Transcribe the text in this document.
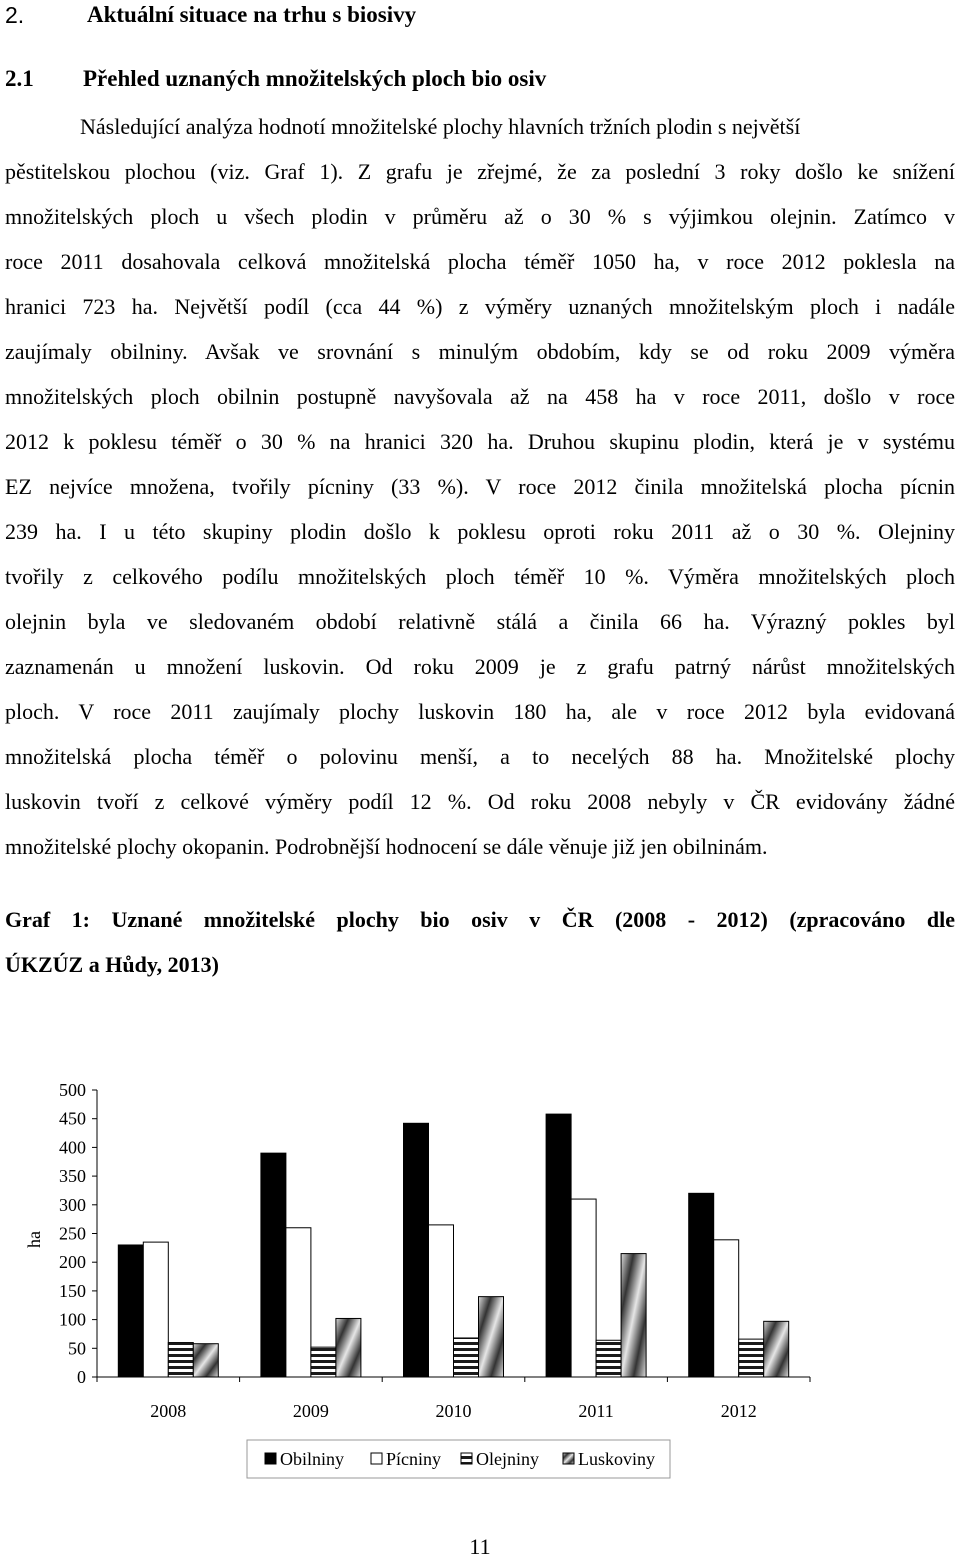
2.	Aktuální situace na trhu s biosivy
2.1 Přehled uznaných množitelských ploch bio osiv
Následující analýza hodnotí množitelské plochy hlavních tržních plodin s největší
pěstitelskou plochou (viz. Graf 1). Z grafu je zřejmé, že za poslední 3 roky došlo ke snížení
množitelských ploch u všech plodin v průměru až o 30 % s výjimkou olejnin. Zatímco v
roce 2011 dosahovala celková množitelská plocha téměř 1050 ha, v roce 2012 poklesla na
hranici 723 ha. Největší podíl (cca 44 %) z výměry uznaných množitelským ploch i nadále
zaujímaly obilniny. Avšak ve srovnání s minulým obdobím, kdy se od roku 2009 výměra
množitelských ploch obilnin postupně navyšovala až na 458 ha v roce 2011, došlo v roce
2012 k poklesu téměř o 30 % na hranici 320 ha. Druhou skupinu plodin, která je v systému
EZ nejvíce množena, tvořily pícniny (33 %). V roce 2012 činila množitelská plocha pícnin
239 ha. I u této skupiny plodin došlo k poklesu oproti roku 2011 až o 30 %. Olejniny
tvořily z celkového podílu množitelských ploch téměř 10 %. Výměra množitelských ploch
olejnin byla ve sledovaném období relativně stálá a činila 66 ha. Výrazný pokles byl
zaznamenán u množení luskovin. Od roku 2009 je z grafu patrný nárůst množitelských
ploch. V roce 2011 zaujímaly plochy luskovin 180 ha, ale v roce 2012 byla evidovaná
množitelská plocha téměř o polovinu menší, a to necelých 88 ha. Množitelské plochy
luskovin tvoří z celkové výměry podíl 12 %. Od roku 2008 nebyly v ČR evidovány žádné
množitelské plochy okopanin. Podrobnější hodnocení se dále věnuje již jen obilninám.
Graf 1: Uznané množitelské plochy bio osiv v ČR (2008 - 2012) (zpracováno dle
ÚKZÚZ a Hůdy, 2013)
500
450
400
350
300
250
200
150
100
50
0
ha
2008	2009	2010	2011	2012
Obilniny Pícniny Olejniny Luskoviny
11
